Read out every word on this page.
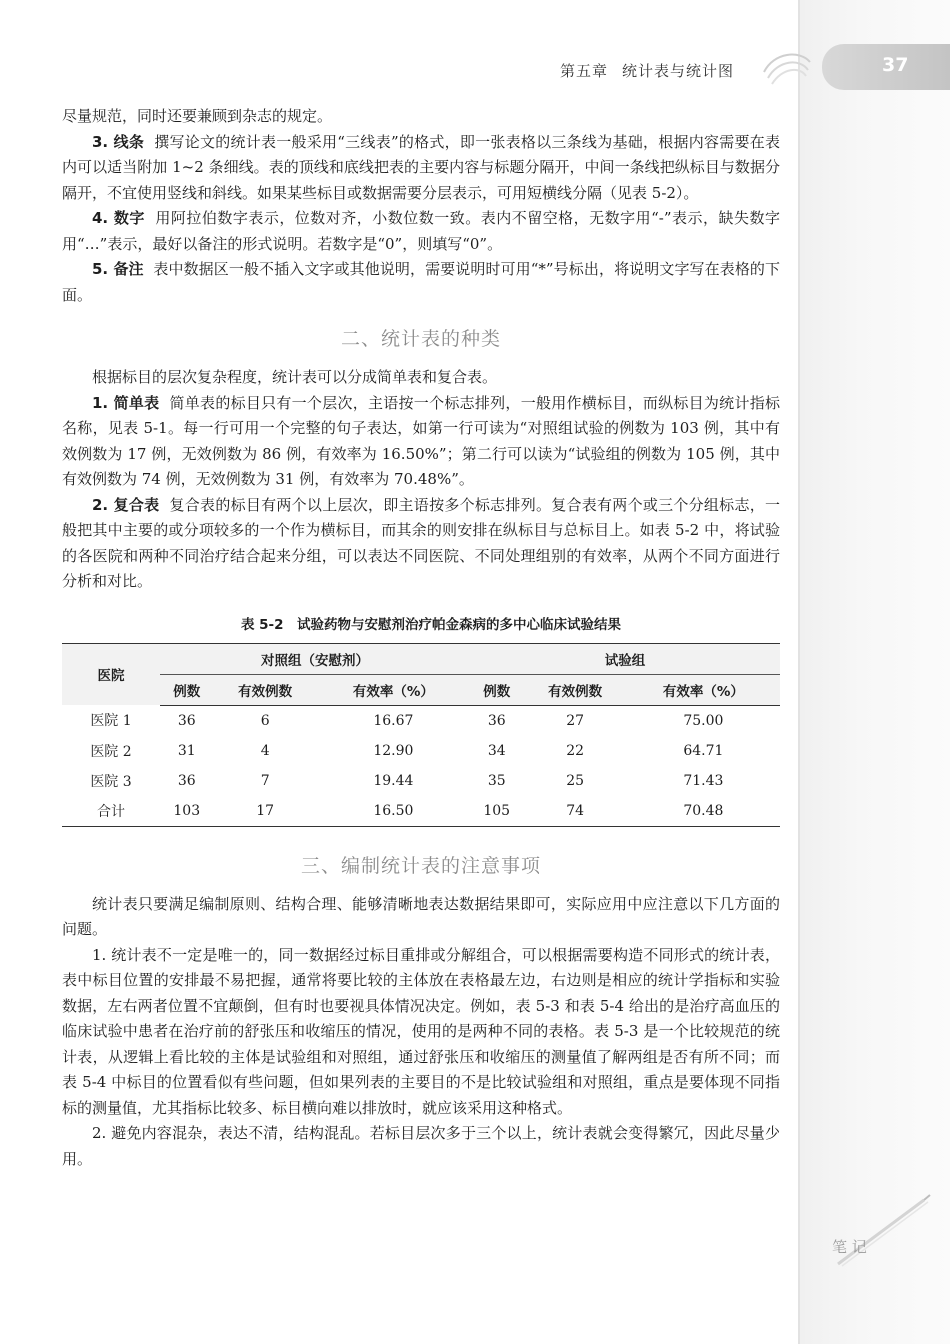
第五章 统计表与统计图	37

尽量规范，同时还要兼顾到杂志的规定。

3. 线条 撰写论文的统计表一般采用“三线表”的格式，即一张表格以三条线为基础，根据内容需要在表内可以适当附加 1~2 条细线。表的顶线和底线把表的主要内容与标题分隔开，中间一条线把纵标目与数据分隔开，不宜使用竖线和斜线。如果某些标目或数据需要分层表示，可用短横线分隔（见表 5-2）。

4. 数字 用阿拉伯数字表示，位数对齐，小数位数一致。表内不留空格，无数字用“-”表示，缺失数字用“…”表示，最好以备注的形式说明。若数字是“0”，则填写“0”。

5. 备注 表中数据区一般不插入文字或其他说明，需要说明时可用“*”号标出，将说明文字写在表格的下面。

二、统计表的种类

根据标目的层次复杂程度，统计表可以分成简单表和复合表。

1. 简单表 简单表的标目只有一个层次，主语按一个标志排列，一般用作横标目，而纵标目为统计指标名称，见表 5-1。每一行可用一个完整的句子表达，如第一行可读为“对照组试验的例数为 103 例，其中有效例数为 17 例，无效例数为 86 例，有效率为 16.50%”；第二行可以读为“试验组的例数为 105 例，其中有效例数为 74 例，无效例数为 31 例，有效率为 70.48%”。

2. 复合表 复合表的标目有两个以上层次，即主语按多个标志排列。复合表有两个或三个分组标志，一般把其中主要的或分项较多的一个作为横标目，而其余的则安排在纵标目与总标目上。如表 5-2 中，将试验的各医院和两种不同治疗结合起来分组，可以表达不同医院、不同处理组别的有效率，从两个不同方面进行分析和对比。

表 5-2　试验药物与安慰剂治疗帕金森病的多中心临床试验结果
医院	对照组（安慰剂）			试验组		
	例数	有效例数	有效率（%）	例数	有效例数	有效率（%）
医院 1	36	6	16.67	36	27	75.00
医院 2	31	4	12.90	34	22	64.71
医院 3	36	7	19.44	35	25	71.43
合计	103	17	16.50	105	74	70.48
三、编制统计表的注意事项

统计表只要满足编制原则、结构合理、能够清晰地表达数据结果即可，实际应用中应注意以下几方面的问题。

1. 统计表不一定是唯一的，同一数据经过标目重排或分解组合，可以根据需要构造不同形式的统计表，表中标目位置的安排最不易把握，通常将要比较的主体放在表格最左边，右边则是相应的统计学指标和实验数据，左右两者位置不宜颠倒，但有时也要视具体情况决定。例如，表 5-3 和表 5-4 给出的是治疗高血压的临床试验中患者在治疗前的舒张压和收缩压的情况，使用的是两种不同的表格。表 5-3 是一个比较规范的统计表，从逻辑上看比较的主体是试验组和对照组，通过舒张压和收缩压的测量值了解两组是否有所不同；而表 5-4 中标目的位置看似有些问题，但如果列表的主要目的不是比较试验组和对照组，重点是要体现不同指标的测量值，尤其指标比较多、标目横向难以排放时，就应该采用这种格式。

2. 避免内容混杂，表达不清，结构混乱。若标目层次多于三个以上，统计表就会变得繁冗，因此尽量少用。

笔 记
